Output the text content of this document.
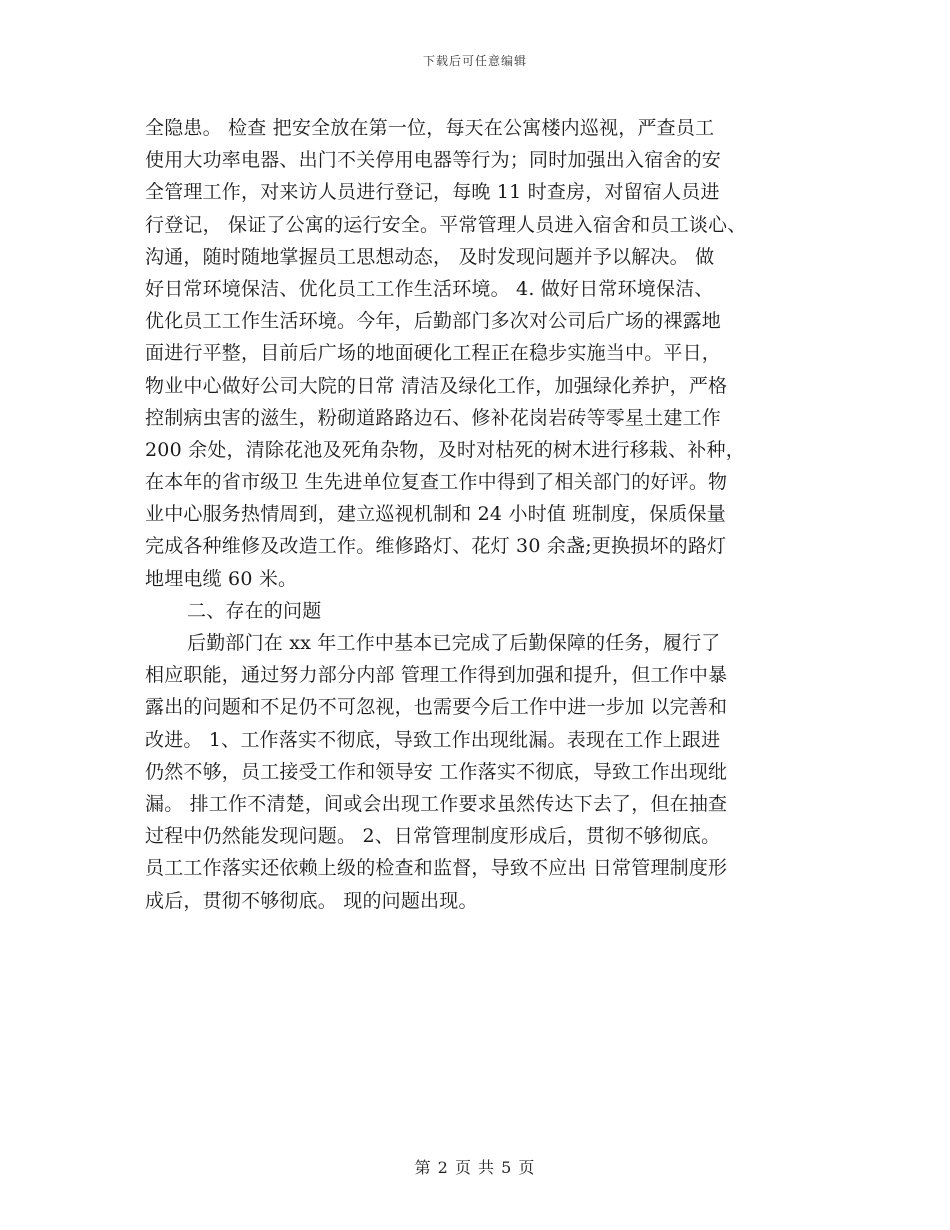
下载后可任意编辑
全隐患。 检查 把安全放在第一位，每天在公寓楼内巡视，严查员工
使用大功率电器、出门不关停用电器等行为；同时加强出入宿舍的安
全管理工作，对来访人员进行登记，每晚 11 时查房，对留宿人员进
行登记， 保证了公寓的运行安全。平常管理人员进入宿舍和员工谈心、
沟通，随时随地掌握员工思想动态， 及时发现问题并予以解决。 做
好日常环境保洁、优化员工工作生活环境。 4. 做好日常环境保洁、
优化员工工作生活环境。今年，后勤部门多次对公司后广场的裸露地
面进行平整，目前后广场的地面硬化工程正在稳步实施当中。平日，
物业中心做好公司大院的日常 清洁及绿化工作，加强绿化养护，严格
控制病虫害的滋生，粉砌道路路边石、修补花岗岩砖等零星土建工作
200 余处，清除花池及死角杂物，及时对枯死的树木进行移栽、补种，
在本年的省市级卫 生先进单位复查工作中得到了相关部门的好评。物
业中心服务热情周到，建立巡视机制和 24 小时值 班制度，保质保量
完成各种维修及改造工作。维修路灯、花灯 30 余盏;更换损坏的路灯
地埋电缆 60 米。
二、存在的问题
后勤部门在 xx 年工作中基本已完成了后勤保障的任务，履行了
相应职能，通过努力部分内部 管理工作得到加强和提升，但工作中暴
露出的问题和不足仍不可忽视，也需要今后工作中进一步加 以完善和
改进。 1、工作落实不彻底，导致工作出现纰漏。表现在工作上跟进
仍然不够，员工接受工作和领导安 工作落实不彻底，导致工作出现纰
漏。 排工作不清楚，间或会出现工作要求虽然传达下去了，但在抽查
过程中仍然能发现问题。 2、日常管理制度形成后，贯彻不够彻底。
员工工作落实还依赖上级的检查和监督，导致不应出 日常管理制度形
成后，贯彻不够彻底。 现的问题出现。
第 2 页 共 5 页
